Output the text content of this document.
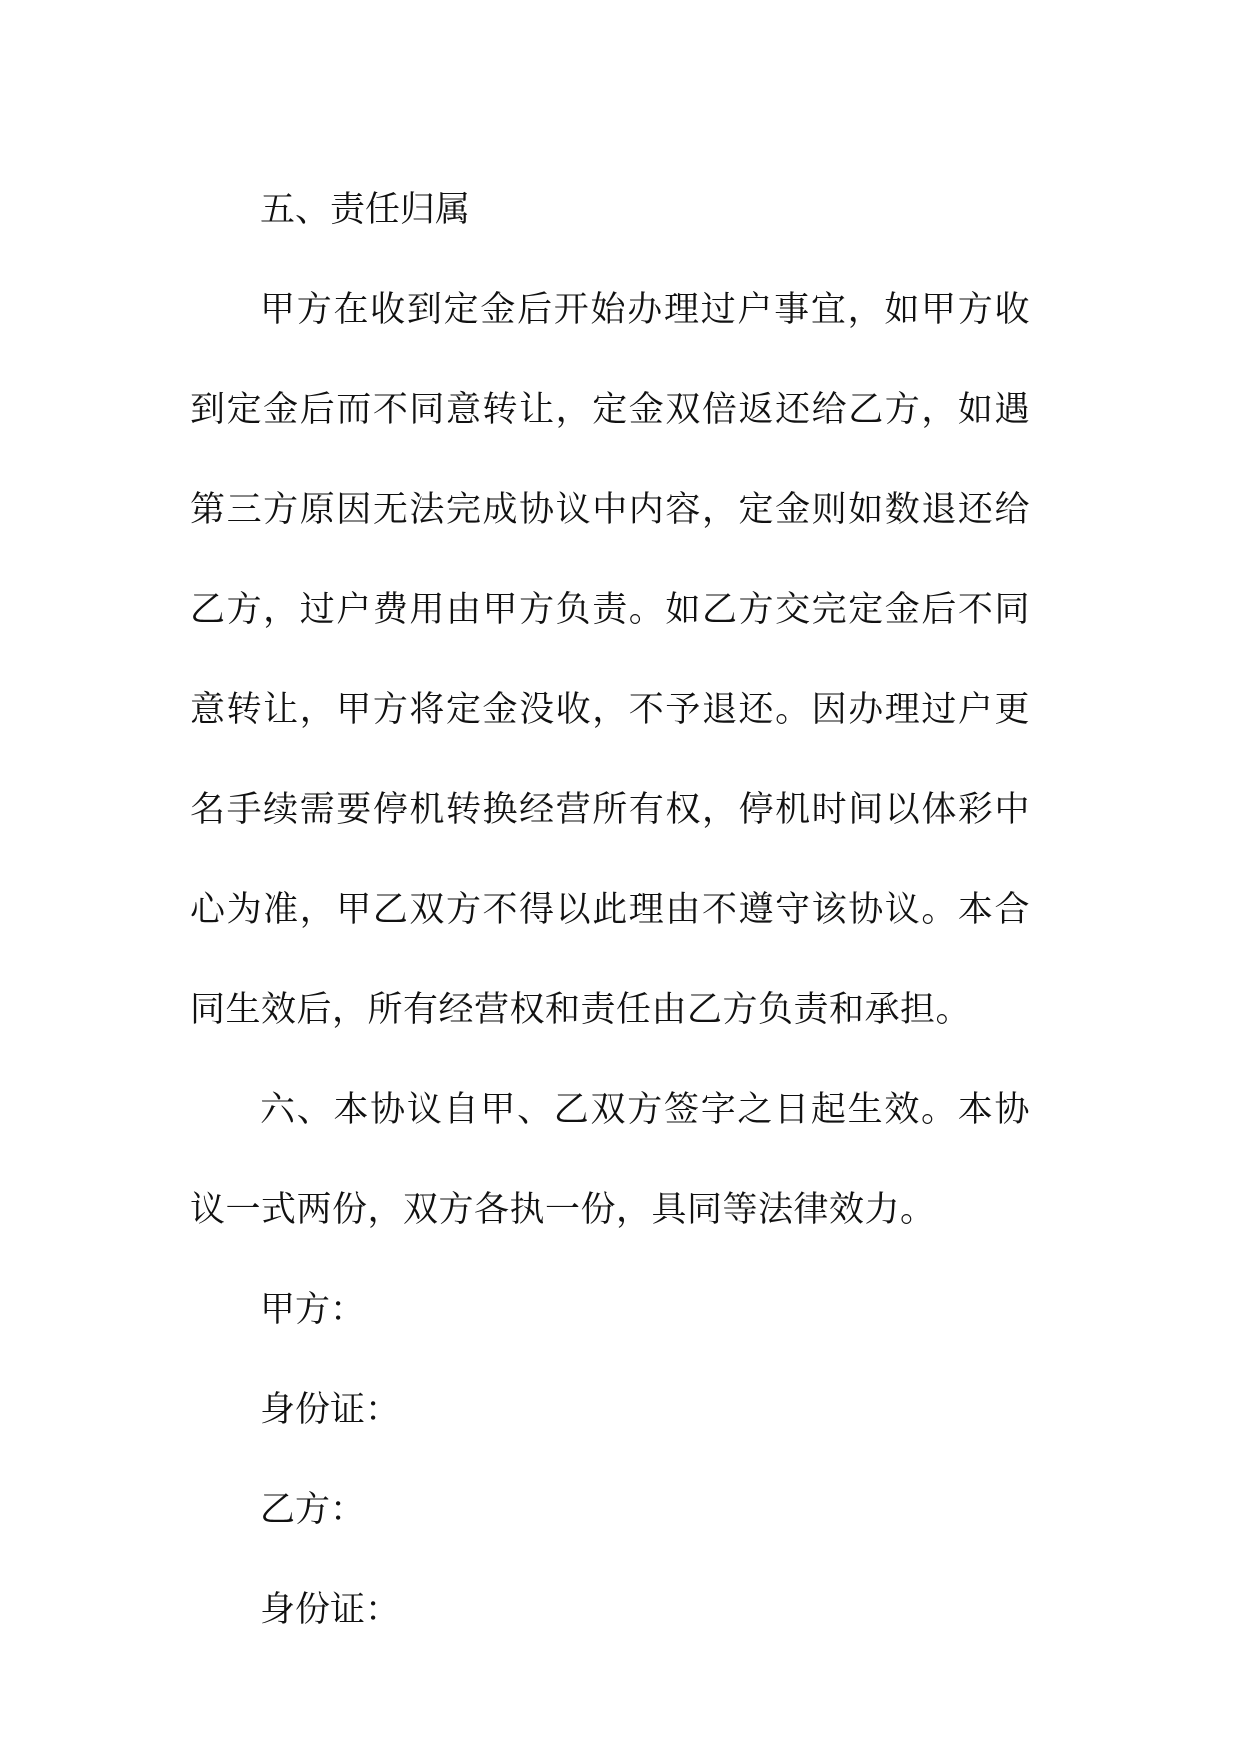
五、责任归属

甲方在收到定金后开始办理过户事宜，如甲方收到定金后而不同意转让，定金双倍返还给乙方，如遇第三方原因无法完成协议中内容，定金则如数退还给乙方，过户费用由甲方负责。如乙方交完定金后不同意转让，甲方将定金没收，不予退还。因办理过户更名手续需要停机转换经营所有权，停机时间以体彩中心为准，甲乙双方不得以此理由不遵守该协议。本合同生效后，所有经营权和责任由乙方负责和承担。

六、本协议自甲、乙双方签字之日起生效。本协议一式两份，双方各执一份，具同等法律效力。

甲方：

身份证：

乙方：

身份证：
